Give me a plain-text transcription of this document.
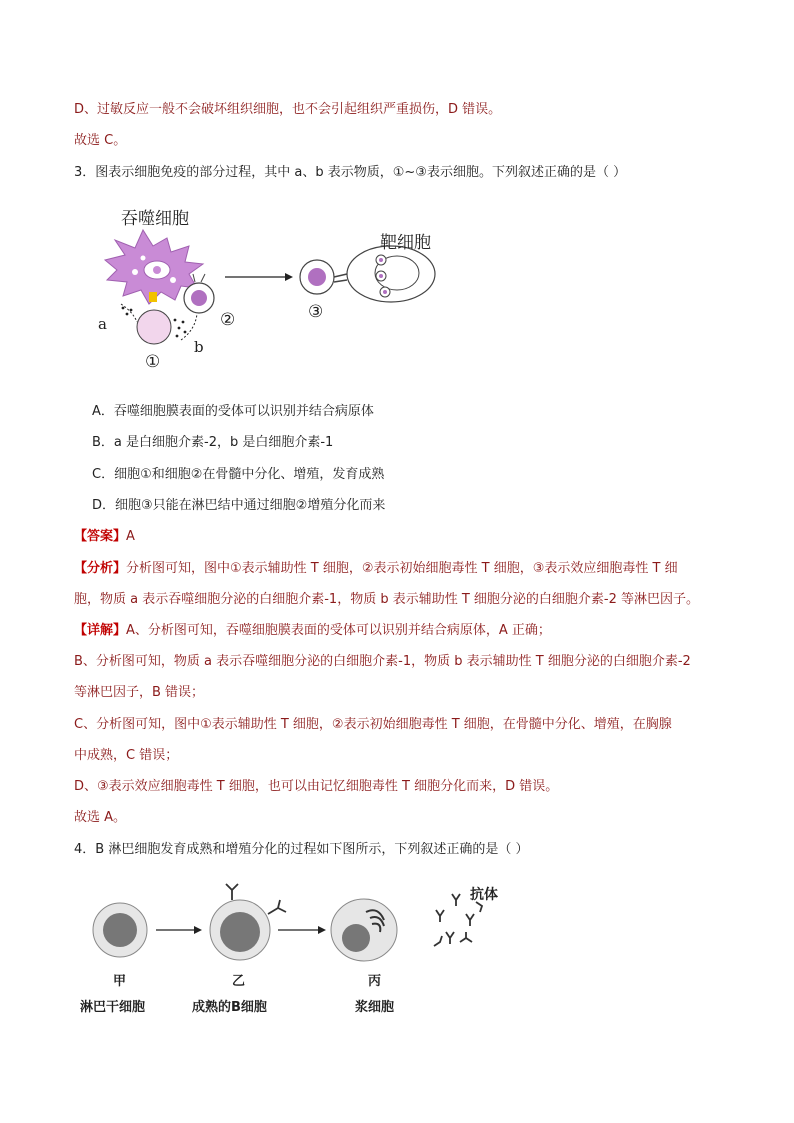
D、过敏反应一般不会破坏组织细胞，也不会引起组织严重损伤，D 错误。
故选 C。
3．图表示细胞免疫的部分过程，其中 a、b 表示物质，①~③表示细胞。下列叙述正确的是（ ）
吞噬细胞
靶细胞
a
b
①
②	③
A．吞噬细胞膜表面的受体可以识别并结合病原体
B．a 是白细胞介素-2，b 是白细胞介素-1
C．细胞①和细胞②在骨髓中分化、增殖，发育成熟
D．细胞③只能在淋巴结中通过细胞②增殖分化而来
【答案】A
【分析】分析图可知，图中①表示辅助性 T 细胞，②表示初始细胞毒性 T 细胞，③表示效应细胞毒性 T 细
胞，物质 a 表示吞噬细胞分泌的白细胞介素-1，物质 b 表示辅助性 T 细胞分泌的白细胞介素-2 等淋巴因子。
【详解】A、分析图可知，吞噬细胞膜表面的受体可以识别并结合病原体，A 正确；
B、分析图可知，物质 a 表示吞噬细胞分泌的白细胞介素-1，物质 b 表示辅助性 T 细胞分泌的白细胞介素-2
等淋巴因子，B 错误；
C、分析图可知，图中①表示辅助性 T 细胞，②表示初始细胞毒性 T 细胞，在骨髓中分化、增殖，在胸腺
中成熟，C 错误；
D、③表示效应细胞毒性 T 细胞，也可以由记忆细胞毒性 T 细胞分化而来，D 错误。
故选 A。
4．B 淋巴细胞发育成熟和增殖分化的过程如下图所示，下列叙述正确的是（ ）
抗体
甲
淋巴干细胞
乙
成熟的B细胞
丙
浆细胞
